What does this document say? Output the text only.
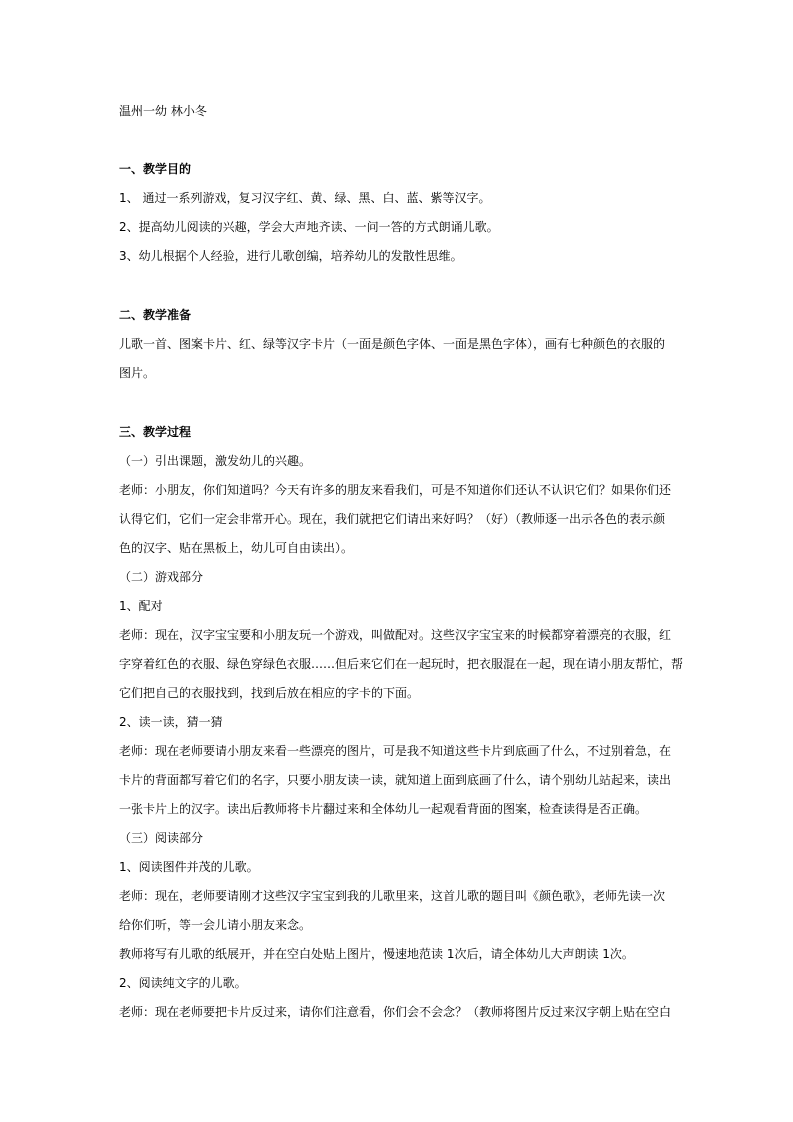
温州一幼 林小冬
一、教学目的
1、 通过一系列游戏，复习汉字红、黄、绿、黑、白、蓝、紫等汉字。
2、提高幼儿阅读的兴趣，学会大声地齐读、一问一答的方式朗诵儿歌。
3、幼儿根据个人经验，进行儿歌创编，培养幼儿的发散性思维。
二、教学准备
儿歌一首、图案卡片、红、绿等汉字卡片（一面是颜色字体、一面是黑色字体），画有七种颜色的衣服的
图片。
三、教学过程
（一）引出课题，激发幼儿的兴趣。
老师：小朋友，你们知道吗？今天有许多的朋友来看我们，可是不知道你们还认不认识它们？如果你们还
认得它们，它们一定会非常开心。现在，我们就把它们请出来好吗？（好）（教师逐一出示各色的表示颜
色的汉字、贴在黑板上，幼儿可自由读出）。
（二）游戏部分
1、配对
老师：现在，汉字宝宝要和小朋友玩一个游戏，叫做配对。这些汉字宝宝来的时候都穿着漂亮的衣服，红
字穿着红色的衣服、绿色穿绿色衣服……但后来它们在一起玩时，把衣服混在一起，现在请小朋友帮忙，帮
它们把自己的衣服找到，找到后放在相应的字卡的下面。
2、读一读，猜一猜
老师：现在老师要请小朋友来看一些漂亮的图片，可是我不知道这些卡片到底画了什么，不过别着急，在
卡片的背面都写着它们的名字，只要小朋友读一读，就知道上面到底画了什么，请个别幼儿站起来，读出
一张卡片上的汉字。读出后教师将卡片翻过来和全体幼儿一起观看背面的图案，检查读得是否正确。
（三）阅读部分
1、阅读图件并茂的儿歌。
老师：现在，老师要请刚才这些汉字宝宝到我的儿歌里来，这首儿歌的题目叫《颜色歌》，老师先读一次
给你们听，等一会儿请小朋友来念。
教师将写有儿歌的纸展开，并在空白处贴上图片，慢速地范读 1次后，请全体幼儿大声朗读 1次。
2、阅读纯文字的儿歌。
老师：现在老师要把卡片反过来，请你们注意看，你们会不会念？（教师将图片反过来汉字朝上贴在空白
